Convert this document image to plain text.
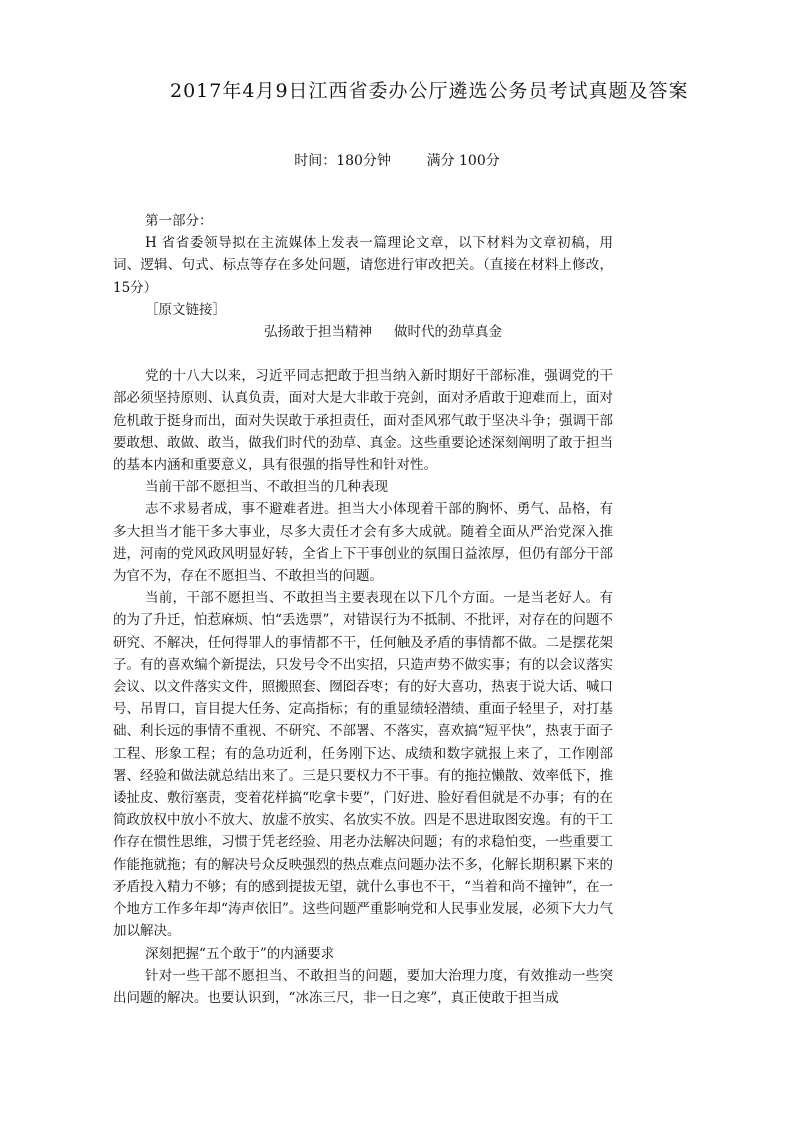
2017年4月9日江西省委办公厅遴选公务员考试真题及答案
时间：180分钟	满分 100分

第一部分：

H 省省委领导拟在主流媒体上发表一篇理论文章，以下材料为文章初稿，用词、逻辑、句式、标点等存在多处问题，请您进行审改把关。（直接在材料上修改，15分）

［原文链接］

弘扬敢于担当精神 做时代的劲草真金

党的十八大以来，习近平同志把敢于担当纳入新时期好干部标准，强调党的干部必须坚持原则、认真负责，面对大是大非敢于亮剑，面对矛盾敢于迎难而上，面对危机敢于挺身而出，面对失误敢于承担责任，面对歪风邪气敢于坚决斗争；强调干部要敢想、敢做、敢当，做我们时代的劲草、真金。这些重要论述深刻阐明了敢于担当的基本内涵和重要意义，具有很强的指导性和针对性。

当前干部不愿担当、不敢担当的几种表现

志不求易者成，事不避难者进。担当大小体现着干部的胸怀、勇气、品格，有多大担当才能干多大事业，尽多大责任才会有多大成就。随着全面从严治党深入推进，河南的党风政风明显好转，全省上下干事创业的氛围日益浓厚，但仍有部分干部为官不为，存在不愿担当、不敢担当的问题。

当前，干部不愿担当、不敢担当主要表现在以下几个方面。一是当老好人。有的为了升迁，怕惹麻烦、怕“丢选票”，对错误行为不抵制、不批评，对存在的问题不研究、不解决，任何得罪人的事情都不干，任何触及矛盾的事情都不做。二是摆花架子。有的喜欢编个新提法，只发号令不出实招，只造声势不做实事；有的以会议落实会议、以文件落实文件，照搬照套、囫囵吞枣；有的好大喜功，热衷于说大话、喊口号、吊胃口，盲目提大任务、定高指标；有的重显绩轻潜绩、重面子轻里子，对打基础、利长远的事情不重视、不研究、不部署、不落实，喜欢搞“短平快”，热衷于面子工程、形象工程；有的急功近利，任务刚下达、成绩和数字就报上来了，工作刚部署、经验和做法就总结出来了。三是只要权力不干事。有的拖拉懒散、效率低下，推诿扯皮、敷衍塞责，变着花样搞“吃拿卡要”，门好进、脸好看但就是不办事；有的在简政放权中放小不放大、放虚不放实、名放实不放。四是不思进取图安逸。有的干工作存在惯性思维，习惯于凭老经验、用老办法解决问题；有的求稳怕变，一些重要工作能拖就拖；有的解决号众反映强烈的热点难点问题办法不多，化解长期积累下来的矛盾投入精力不够；有的感到提拔无望，就什么事也不干，“当着和尚不撞钟”，在一个地方工作多年却“涛声依旧”。这些问题严重影响党和人民事业发展，必须下大力气加以解决。

深刻把握“五个敢于”的内涵要求

针对一些干部不愿担当、不敢担当的问题，要加大治理力度，有效推动一些突出问题的解决。也要认识到，“冰冻三尺，非一日之寒”，真正使敢于担当成
